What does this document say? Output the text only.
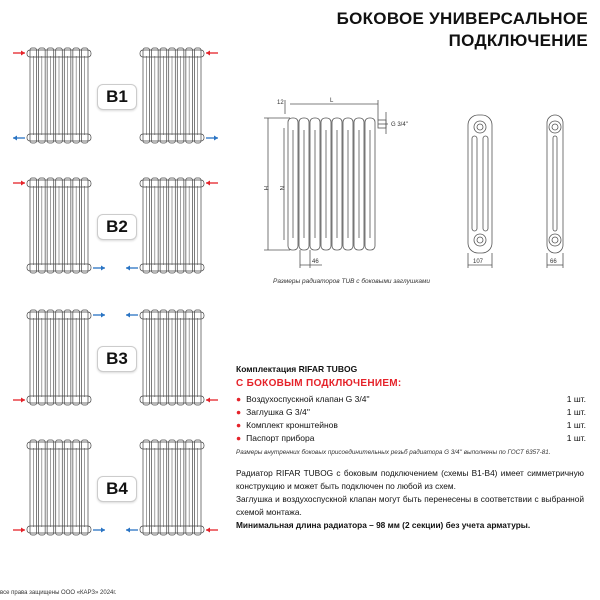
БОКОВОЕ УНИВЕРСАЛЬНОЕ
ПОДКЛЮЧЕНИЕ
B1
B2
B3
B4
12	L
H N
46	107	66
G 3/4''
Размеры радиаторов TUB с боковыми заглушками
Комплектация RIFAR TUBOG
С БОКОВЫМ ПОДКЛЮЧЕНИЕМ:
● Воздухоспускной клапан G 3/4''	1 шт.
● Заглушка G 3/4''	1 шт.
● Комплект кронштейнов	1 шт.
● Паспорт прибора	1 шт.
Размеры внутренних боковых присоединительных резьб радиатора G 3/4'' выполнены по ГОСТ 6357-81.

Радиатор RIFAR TUBOG с боковым подключением (схемы B1-B4) имеет симметричную конструкцию и может быть подключен по любой из схем.

Заглушка и воздухоспускной клапан могут быть перенесены в соответствии с выбранной схемой монтажа.

Минимальная длина радиатора – 98 мм (2 секции) без учета арматуры.

все права защищены ООО «КАРЗ» 2024г.
